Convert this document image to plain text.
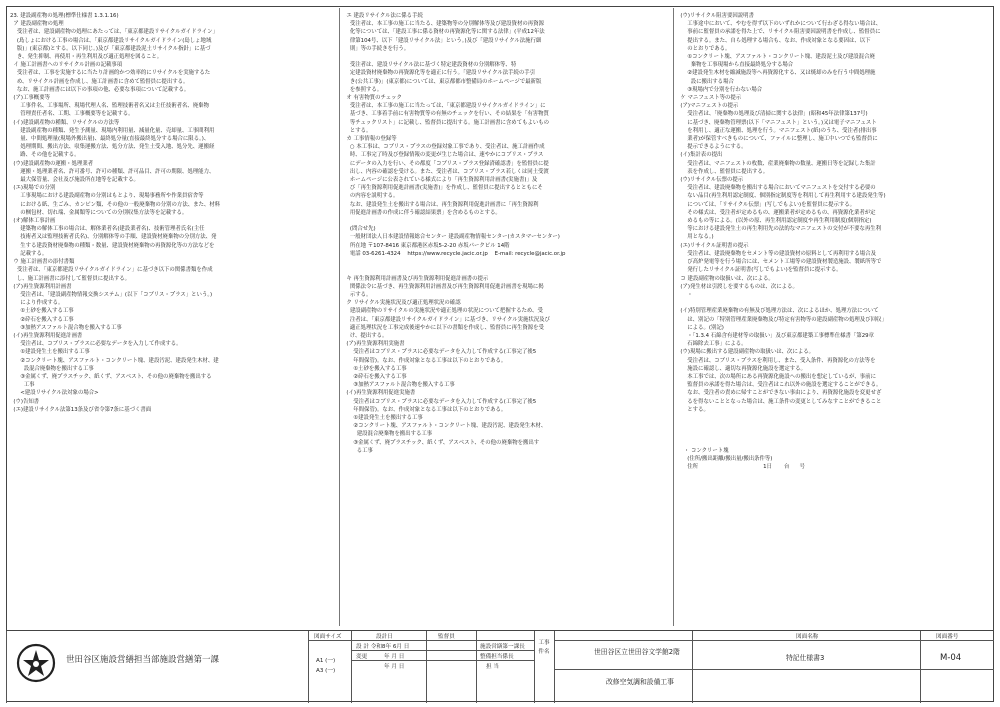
23. 建設副産物の処理(標準仕様書 1.3.1.16)
ア 建設副産物の処理
受注者は、建設副産物の処理にあたっては、「東京都建設リサイクルガイドライン」
(島しょにおける工事の場合は、「東京都建設リサイクルガイドライン(島しょ地域
版)」(東京都)とする。以下同じ。)及び「東京都建設泥土リサイクル指針」に基づ
き、発生抑制、再使用・再生利用及び適正処理を図ること。
イ 施工計画書へのリサイクル計画の記載事項
受注者は、工事を実施するに当たり計画的かつ効率的にリサイクルを実施するた
め、リサイクル計画を作成し、施工計画書に含めて監督員に提出する。
なお、施工計画書には以下の事項の他、必要な事項について記載する。
(ア)工事概要等
工事件名、工事場所、現場代理人名、監理技術者名又は主任技術者名、廃棄物
管理責任者名、工期、工事概要等を記載する。
(イ)建設副産物の種類、リサイクルの方法等
建設副産物の種類、発生予測量、現場内利用量、減量化量、売却量、工事間利用
量、中間処理量(現場外搬出量)、最終処分量(直接最終処分する場合に限る。)、
処理期間、搬出方法、収集運搬方法、処分方法、発生土受入地、処分先、運搬経
路、その他を記載する。
(ウ)建設副産物の運搬・処理業者
運搬・処理業者名、許可番号、許可の種類、許可品目、許可の期限、処理能力、
最大保管量、会社及び施設所在地等を記載する。
(エ)現場での分別
工事現場における建設副産物の分別はもとより、現場事務所や作業員宿舎等
における紙、生ごみ、カンビン類、その他の一般廃棄物の分別の方法、また、材料
の梱包材、切れ端、金属類等についての分別収集方法等を記載する。
(オ)解体工事計画
建築物の解体工事の場合は、解体業者名(建設業者名)、技術管理者氏名(主任
技術者又は監理技術者氏名)、分別解体等の手順、建設資材廃棄物の分別方法、発
生する建設資材廃棄物の種類・数量、建設資材廃棄物の再資源化等の方法などを
記載する。
ウ 施工計画書の添付書類
受注者は、「東京都建設リサイクルガイドライン」に基づき以下の関係書類を作成
し、施工計画書に添付して監督員に提出する。
(ア)再生資源利用計画書
受注者は、「建設副産物情報交換システム」(以下「コブリス・プラス」という。)
により作成する。
①土砂を搬入する工事
②砕石を搬入する工事
③加熱アスファルト混合物を搬入する工事
(イ)再生資源利用促進計画書
受注者は、コブリス・プラスに必要なデータを入力して作成する。
①建設発生土を搬出する工事
②コンクリート塊、アスファルト・コンクリート塊、建設汚泥、建設発生木材、建
設混合廃棄物を搬出する工事
③金属くず、廃プラスチック、紙くず、アスベスト、その他の廃棄物を搬出する
工事
<建設リサイクル法対象の場合>
(ウ)告知書
(エ)建設リサイクル法第13条及び省令第7条に基づく書面
エ 建設リサイクル法に係る手続
受注者は、本工事の施工に当たる、建築物等の分別解体等及び建設資材の再資源
化等については、「建設工事に係る資材の再資源化等に関する法律」(平成12年法
律第104号、以下「建設リサイクル法」という。)及び「建設リサイクル法施行細
則」等の手続きを行う。

受注者は、建設リサイクル法に基づく特定建設資材の分別解体等、特
定建設資材廃棄物の再資源化等を適正に行う。「建設リサイクル法手続の手引
き(公共工事)」(東京都)については、東京都都市整備局のホームページで最新版
を参照する。
オ 有害物質のチェック
受注者は、本工事の施工に当たっては、「東京都建設リサイクルガイドライン」に
基づき、工事着手前に有害物質等の有無のチェックを行い、その結果を「有害物質
等チェックリスト」に記載し、監督員に提出する。施工計画書に含めてもよいもの
とする。
カ 工事情報の登録等
○ 本工事は、コブリス・プラスの登録対象工事であり、受注者は、施工計画作成
時、工事完了時及び登録情報の変更が生じた場合は、速やかにコブリス・プラス
にデータの入力を行い、その都度「コブリス・プラス登録済確認書」を監督員に提
出し、内容の確認を受ける。また、受注者は、コブリス・プラス若しくは同土受渡
ホームページに公表されている様式により「再生資源利用計画書(実施書)」及
び「再生資源利用促進計画書(実施書)」を作成し、監督員に提出するとともにそ
の内容を説明する。
なお、建設発生土を搬出する場合は、再生資源利用促進計画書に「再生資源利
用促進計画書の作成に伴う確認結果票」を含めるものとする。

(問合せ先)
一般財団法人日本建設情報総合センター 建設副産物情報センター(カスタマーセンター)
所在地 〒107-8416 東京都港区赤坂5-2-20 赤坂パークビル 14階
電話 03-6261-4324    https://www.recycle.jacic.or.jp    E-mail: recycle@jacic.or.jp

キ 再生資源利用計画書及び再生資源利用促進計画書の提示
関係法令に基づき、再生資源利用計画書及び再生資源利用促進計画書を現場に掲
示する。
ク リサイクル実施状況及び適正処理状況の確認
建設副産物のリサイクルの実施状況や適正処理の状況について把握するため、受
注者は、「東京都建設リサイクルガイドライン」に基づき、リサイクル実施状況及び
適正処理状況を工事完成後速やかに以下の書類を作成し、監督員に再生資源を受
け、提出する。
(ア)再生資源利用実施書
受注者はコブリス・プラスに必要なデータを入力して作成する(工事完了後5
年間保管)。なお、作成対象となる工事は以下のとおりである。
①土砂を搬入する工事
②砕石を搬入する工事
③加熱アスファルト混合物を搬入する工事
(イ)再生資源利用促進実施書
受注者はコブリス・プラスに必要なデータを入力して作成する(工事完了後5
年間保管)。なお、作成対象となる工事は以下のとおりである。
①建設発生土を搬出する工事
②コンクリート塊、アスファルト・コンクリート塊、建設汚泥、建設発生木材、
建設混合廃棄物を搬出する工事
③金属くず、廃プラスチック、紙くず、アスベスト、その他の廃棄物を搬出す
る工事
(ウ)リサイクル阻害要因説明書
工事途中において、やむを得ず以下のいずれかについて行わざる得ない場合は、
事前に監督員の承諾を得た上で、リサイクル阻害要因説明書を作成し、監督員に
提出する。また、自ら処理する場合も、なお、作成対象となる要因は、以下
のとおりである。
①コンクリート塊、アスファルト・コンクリート塊、建設泥土及び建設混合廃
棄物を工事現場から直接最終処分する場合
②建設発生木材を縮減施設等へ再資源化する、又は焼却のみを行う中間処理施
設に搬出する場合
③現場内で分別を行わない場合
ケ マニフェスト等の提示
(ア)マニフェストの提示
受注者は、「廃棄物の処理及び清掃に関する法律」(昭和45年法律第137号)
に基づき、廃棄物管理票(以下「マニフェスト」という。)又は電子マニフェスト
を利用し、適正な運搬、処理を行う。マニフェスト(紙)のうち、受注者(排出事
業者)が保管すべきものについて、ファイルに整理し、施工中いつでも監督員に
提示できるようにする。
(イ)集計表の提出
受注者は、マニフェストの枚数、産業廃棄物の数量、運搬日等を記録した集計
表を作成し、監督員に提出する。
(ウ)リサイクル伝票の提示
受注者は、建設廃棄物を搬出する場合においてマニフェストを交付する必要の
ない品目(再生利用認定制度、個別指定制度等を利用して再生利用する建設発生等)
については、「リサイクル伝票」(写しでもよい)を監督員に提示する。
その様式は、受注者が定めるもの、運搬業者が定めるもの、再資源化業者が定
めるもの等による。(以外の原、再生利用認定制度や再生利用制度(個別指定)
等における建設発生土の再生利用先の法的なマニフェストの交付が不要な再生利
用となる。)
(エ)リサイクル証明書の提示
受注者は、建設廃棄物をセメント等の建設資材の原料として再利用する場合及
び高炉発電等を行う場合には、セメント工場等の建設資材製造施設、製紙所等で
発行したリサイクル証明書(写しでもよい)を監督員に提示する。
コ 建設副産物の取扱いは、次による。
(ア)発生材は引渡しを要するものは、次による。
・

(イ)特別管理産業廃棄物の有無及び処理方法は、次によるほか、処理方法について
は、別記の「特別管理産業廃棄物及び特定有害物等の建設副産物の処理及び回収」
による。(別記)
・「1.3.4 石綿含有建材等の取扱い」及び東京都建築工事標準仕様書「第29章
石綿除去工事」による。
(ウ)現場に搬出する建設副産物の取扱いは、次による。
受注者は、コブリス・プラスを利用し、また、受入条件、再資源化の方法等を
施設に確認し、適切な再資源化施設を選定する。
本工事では、次の場所にある再資源化施設への搬出を想定しているが、事前に
監督員の承諾を得た場合は、受注者はこれ以外の施設を選定することができる。
なお、受注者の責めに帰すことができない事由により、再資源化施設を変更せざ
るを得ないこととなった場合は、施工条件の変更としてみなすことができること
とする。

・ コンクリート塊
(住所/搬出距離/搬出量/搬出条件等)
住所                                      1日       台      号
世田谷区施設営繕担当部施設営繕第一課
図面サイズ
A1 (一)
A3 (一)
設計日
設 計 令和8年 6月 日
変更	年 月 日
年 月 日
監督員
施設営繕第一課長
整備担当係長
担 当
工事件名	世田谷区立世田谷文学館2階
改修空気調和設備工事
図面名称
特記仕様書3
図面番号
M-04
